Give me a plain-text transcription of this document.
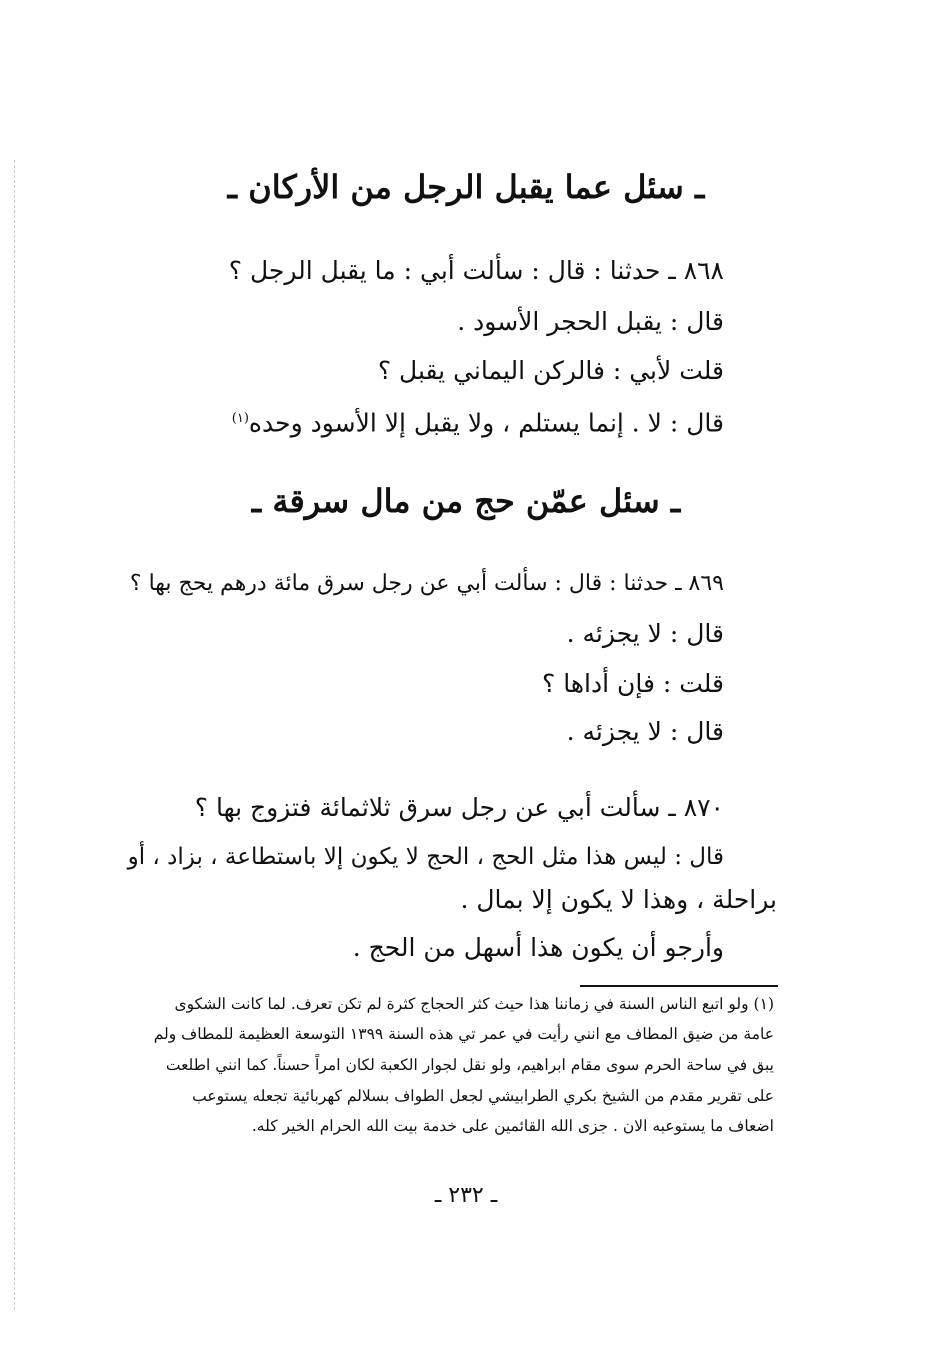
ـ سئل عما يقبل الرجل من الأركان ـ
٨٦٨ ـ حدثنا : قال : سألت أبي : ما يقبل الرجل ؟
قال : يقبل الحجر الأسود .
قلت لأبي : فالركن اليماني يقبل ؟
قال : لا . إنما يستلم ، ولا يقبل إلا الأسود وحده$^{(١)}$
ـ سئل عمّن حج من مال سرقة ـ
٨٦٩ ـ حدثنا : قال : سألت أبي عن رجل سرق مائة درهم يحج بها ؟
قال : لا يجزئه .
قلت : فإن أداها ؟
قال : لا يجزئه .
٨٧٠ ـ سألت أبي عن رجل سرق ثلاثمائة فتزوج بها ؟
قال : ليس هذا مثل الحج ، الحج لا يكون إلا باستطاعة ، بزاد ، أو
براحلة ، وهذا لا يكون إلا بمال .
وأرجو أن يكون هذا أسهل من الحج .
(١) ولو اتبع الناس السنة في زماننا هذا حيث كثر الحجاج كثرة لم تكن تعرف. لما كانت الشكوى
عامة من ضيق المطاف مع انني رأيت في عمر تي هذه السنة ١٣٩٩ التوسعة العظيمة للمطاف ولم
يبق في ساحة الحرم سوى مقام ابراهيم، ولو نقل لجوار الكعبة لكان امراً حسناً. كما انني اطلعت
على تقرير مقدم من الشيخ بكري الطرابيشي لجعل الطواف بسلالم كهربائية تجعله يستوعب
اضعاف ما يستوعبه الان . جزى الله القائمين على خدمة بيت الله الحرام الخير كله.
ـ ٢٣٢ ـ
